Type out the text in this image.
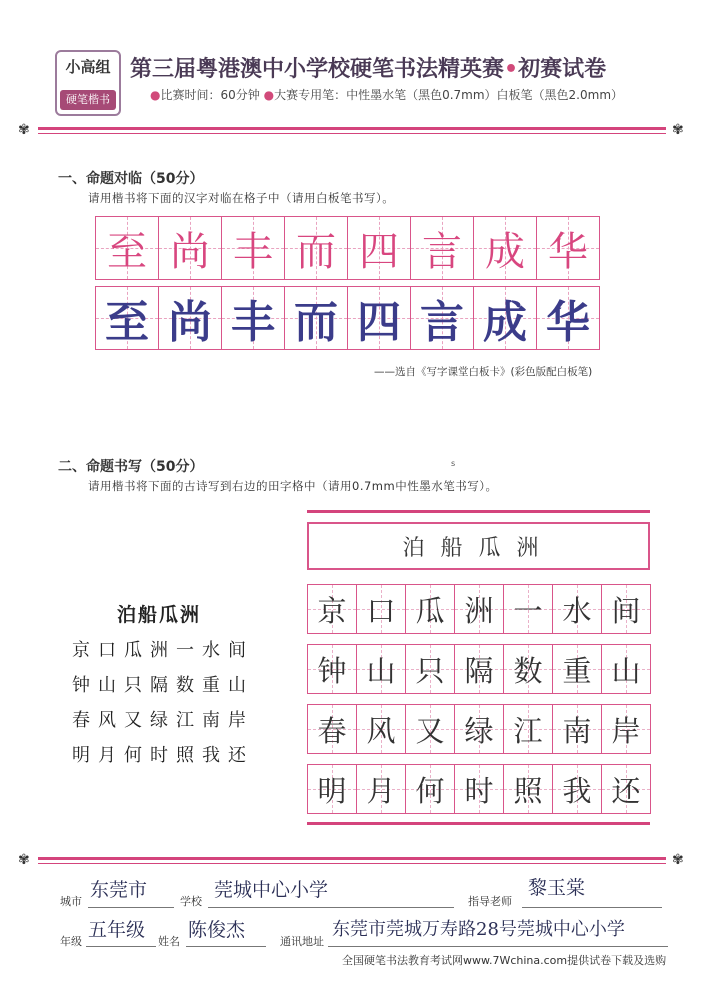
小高组
硬笔楷书
第三届粤港澳中小学校硬笔书法精英赛•初赛试卷
●比赛时间：60分钟 ●大赛专用笔：中性墨水笔（黑色0.7mm）白板笔（黑色2.0mm）
✾	✾
一、命题对临（50分）
请用楷书将下面的汉字对临在格子中（请用白板笔书写）。
至 尚 丰 而 四 言 成 华
至 尚 丰 而 四 言 成 华
——选自《写字课堂白板卡》(彩色版配白板笔)
二、命题书写（50分）	s
请用楷书将下面的古诗写到右边的田字格中（请用0.7mm中性墨水笔书写）。
泊船瓜洲
泊船瓜洲
京口瓜洲一水间
钟山只隔数重山
春风又绿江南岸
明月何时照我还
京 口 瓜 洲 一 水 间
钟 山 只 隔 数 重 山
春 风 又 绿 江 南 岸
明 月 何 时 照 我 还
✾	✾
城市
东莞市
学校
莞城中心小学
指导老师
黎玉棠
年级
五年级
姓名
陈俊杰
通讯地址
东莞市莞城万寿路28号莞城中心小学
全国硬笔书法教育考试网www.7Wchina.com提供试卷下载及选购
